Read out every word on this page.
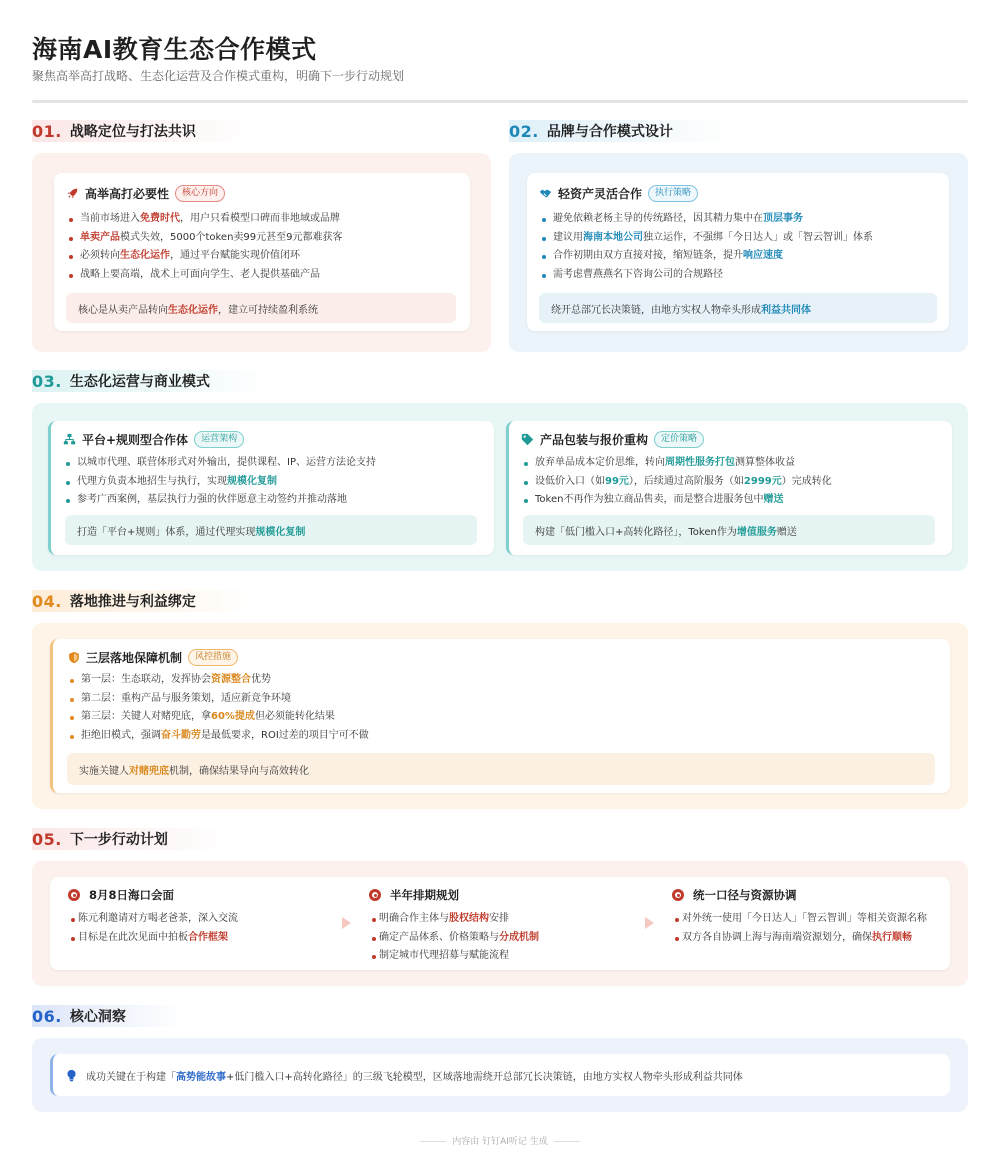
海南AI教育生态合作模式
聚焦高举高打战略、生态化运营及合作模式重构，明确下一步行动规划
01. 战略定位与打法共识
高举高打必要性	核心方向
当前市场进入免费时代，用户只看模型口碑而非地域或品牌
单卖产品模式失效，5000个token卖99元甚至9元都难获客
必须转向生态化运作，通过平台赋能实现价值闭环
战略上要高端，战术上可面向学生、老人提供基础产品
核心是从卖产品转向 生态化运作 ，建立可持续盈利系统
02. 品牌与合作模式设计
轻资产灵活合作	执行策略
避免依赖老杨主导的传统路径，因其精力集中在顶层事务
建议用海南本地公司独立运作，不强绑「今日达人」或「智云智训」体系
合作初期由双方直接对接，缩短链条，提升响应速度
需考虑曹燕燕名下咨询公司的合规路径
绕开总部冗长决策链，由地方实权人物牵头形成 利益共同体
03. 生态化运营与商业模式
平台+规则型合作体	运营架构
以城市代理、联营体形式对外输出，提供课程、IP、运营方法论支持
代理方负责本地招生与执行，实现规模化复制
参考广西案例，基层执行力强的伙伴愿意主动签约并推动落地
打造「平台+规则」体系，通过代理实现 规模化复制
产品包装与报价重构	定价策略
放弃单品成本定价思维，转向周期性服务打包测算整体收益
设低价入口（如99元），后续通过高阶服务（如2999元）完成转化
Token不再作为独立商品售卖，而是整合进服务包中赠送
构建「低门槛入口+高转化路径」，Token作为 增值服务 赠送
04. 落地推进与利益绑定
三层落地保障机制	风控措施
第一层：生态联动，发挥协会资源整合优势
第二层：重构产品与服务策划，适应新竞争环境
第三层：关键人对赌兜底，拿60%提成但必须能转化结果
拒绝旧模式，强调奋斗勤劳是最低要求，ROI过差的项目宁可不做
实施关键人 对赌兜底 机制，确保结果导向与高效转化
05. 下一步行动计划
8月8日海口会面
陈元利邀请对方喝老爸茶，深入交流
目标是在此次见面中拍板合作框架
半年排期规划
明确合作主体与股权结构安排
确定产品体系、价格策略与分成机制
制定城市代理招募与赋能流程
统一口径与资源协调
对外统一使用「今日达人」「智云智训」等相关资源名称
双方各自协调上海与海南端资源划分，确保执行顺畅
06. 核心洞察
成功关键在于构建「高势能故事+低门槛入口+高转化路径」的三级飞轮模型，区域落地需绕开总部冗长决策链，由地方实权人物牵头形成利益共同体
内容由 钉钉AI听记 生成
